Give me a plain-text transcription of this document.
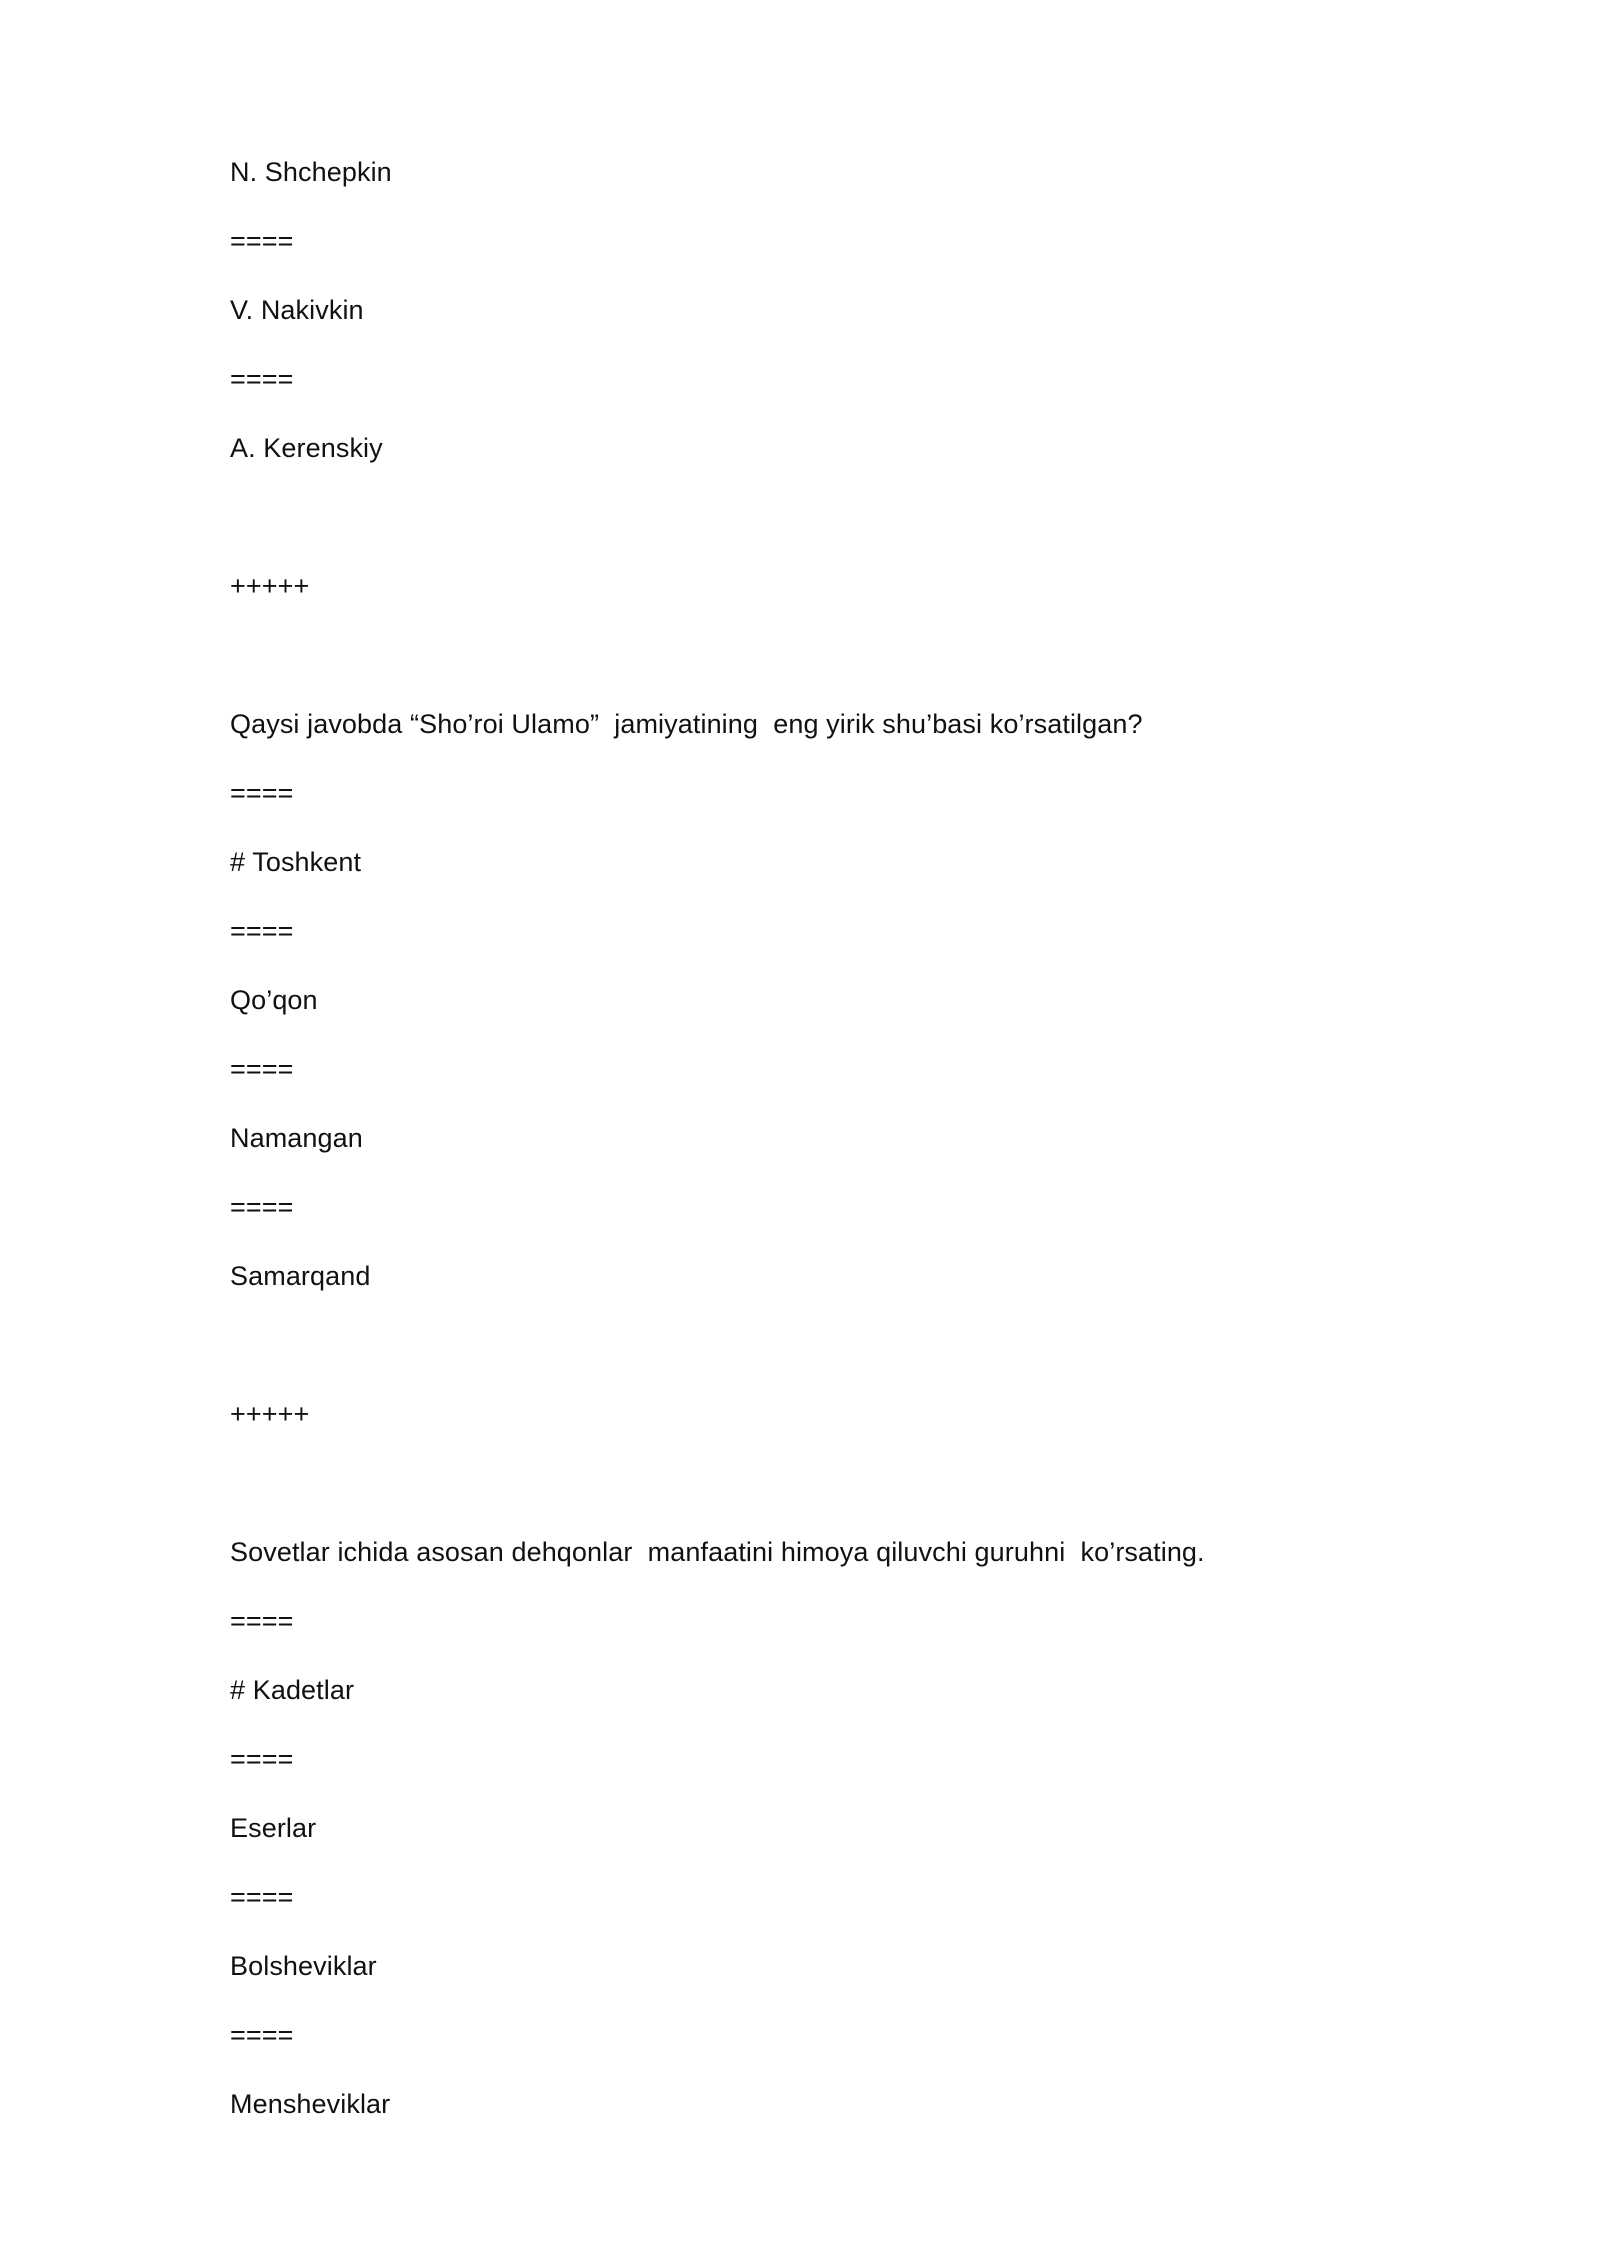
N. Shchepkin
====
V. Nakivkin
====
A. Kerenskiy
+++++
Qaysi javobda “Sho’roi Ulamo”  jamiyatining  eng yirik shu’basi ko’rsatilgan?
====
# Toshkent
====
Qo’qon
====
Namangan
====
Samarqand
+++++
Sovetlar ichida asosan dehqonlar  manfaatini himoya qiluvchi guruhni  ko’rsating.
====
# Kadetlar
====
Eserlar
====
Bolsheviklar
====
Mensheviklar
